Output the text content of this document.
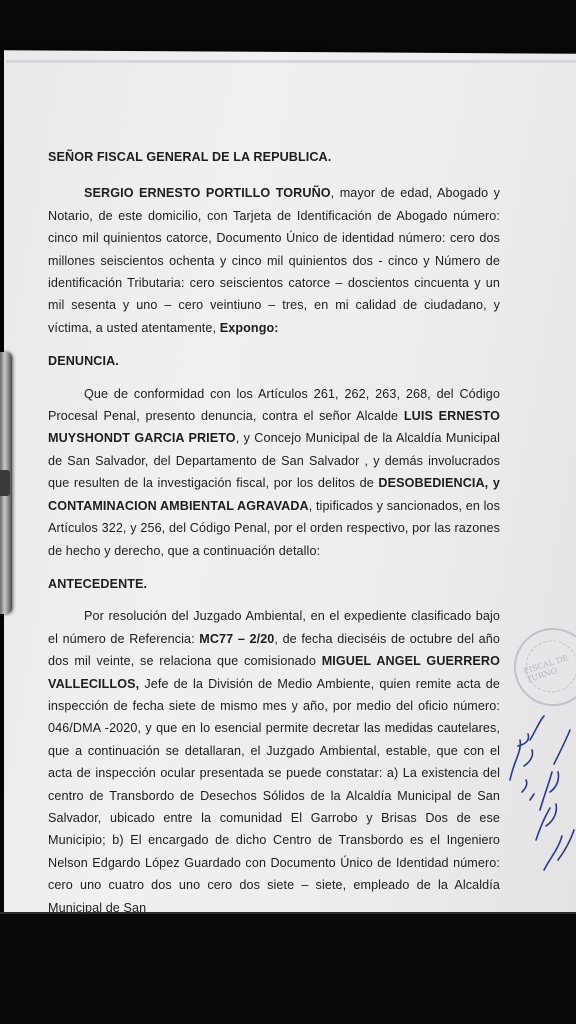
SEÑOR FISCAL GENERAL DE LA REPUBLICA.

SERGIO ERNESTO PORTILLO TORUÑO, mayor de edad, Abogado y Notario, de este domicilio, con Tarjeta de Identificación de Abogado número: cinco mil quinientos catorce, Documento Único de identidad número: cero dos millones seiscientos ochenta y cinco mil quinientos dos - cinco y Número de identificación Tributaria: cero seiscientos catorce – doscientos cincuenta y un mil sesenta y uno – cero veintiuno – tres, en mi calidad de ciudadano, y víctima, a usted atentamente, Expongo:

DENUNCIA.

Que de conformidad con los Artículos 261, 262, 263, 268, del Código Procesal Penal, presento denuncia, contra el señor Alcalde LUIS ERNESTO MUYSHONDT GARCIA PRIETO, y Concejo Municipal de la Alcaldía Municipal de San Salvador, del Departamento de San Salvador , y demás involucrados que resulten de la investigación fiscal, por los delitos de DESOBEDIENCIA, y CONTAMINACION AMBIENTAL AGRAVADA, tipificados y sancionados, en los Artículos 322, y 256, del Código Penal, por el orden respectivo, por las razones de hecho y derecho, que a continuación detallo:

ANTECEDENTE.

Por resolución del Juzgado Ambiental, en el expediente clasificado bajo el número de Referencia: MC77 – 2/20, de fecha dieciséis de octubre del año dos mil veinte, se relaciona que comisionado MIGUEL ANGEL GUERRERO VALLECILLOS, Jefe de la División de Medio Ambiente, quien remite acta de inspección de fecha siete de mismo mes y año, por medio del oficio número: 046/DMA -2020, y que en lo esencial permite decretar las medidas cautelares, que a continuación se detallaran, el Juzgado Ambiental, estable, que con el acta de inspección ocular presentada se puede constatar: a) La existencia del centro de Transbordo de Desechos Sólidos de la Alcaldía Municipal de San Salvador, ubicado entre la comunidad El Garrobo y Brisas Dos de ese Municipio; b) El encargado de dicho Centro de Transbordo es el Ingeniero Nelson Edgardo López Guardado con Documento Único de Identidad número: cero uno cuatro dos uno cero dos siete – siete, empleado de la Alcaldía Municipal de San

FISCAL DE TURNO
